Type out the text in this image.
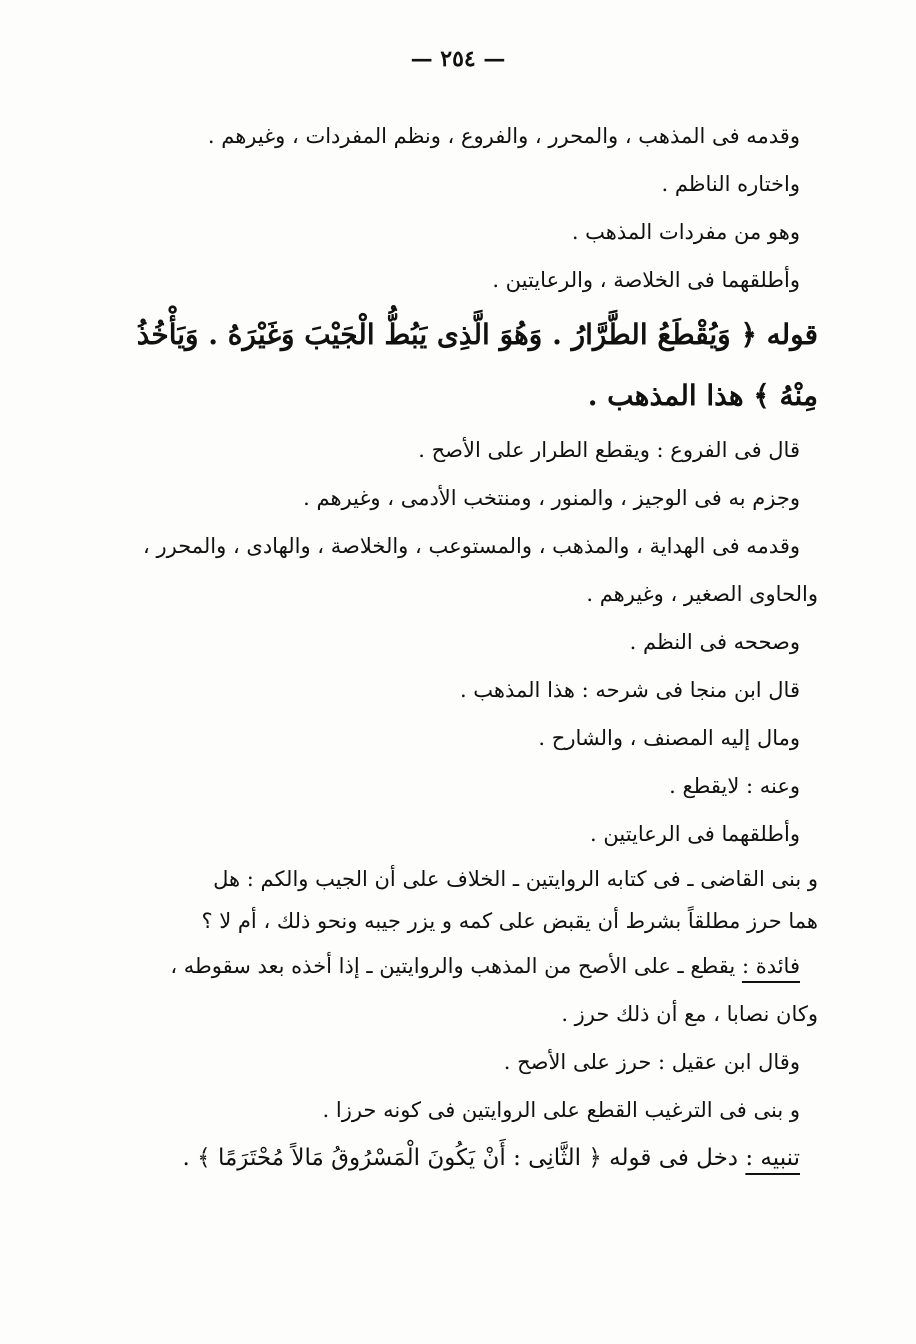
— ٢٥٤ —
وقدمه فى المذهب ، والمحرر ، والفروع ، ونظم المفردات ، وغيرهم .
واختاره الناظم .
وهو من مفردات المذهب .
وأطلقهما فى الخلاصة ، والرعايتين .
قوله ﴿ وَيُقْطَعُ الطَّرَّارُ . وَهُوَ الَّذِى يَبُطُّ الْجَيْبَ وَغَيْرَهُ . وَيَأْخُذُ
مِنْهُ ﴾ هذا المذهب .
قال فى الفروع : ويقطع الطرار على الأصح .
وجزم به فى الوجيز ، والمنور ، ومنتخب الأدمى ، وغيرهم .
وقدمه فى الهداية ، والمذهب ، والمستوعب ، والخلاصة ، والهادى ، والمحرر ،
والحاوى الصغير ، وغيرهم .
وصححه فى النظم .
قال ابن منجا فى شرحه : هذا المذهب .
ومال إليه المصنف ، والشارح .
وعنه : لايقطع .
وأطلقهما فى الرعايتين .
و بنى القاضى ـ فى كتابه الروايتين ـ الخلاف على أن الجيب والكم : هل
هما حرز مطلقاً بشرط أن يقبض على كمه و يزر جيبه ونحو ذلك ، أم لا ؟
فائدة : يقطع ـ على الأصح من المذهب والروايتين ـ إذا أخذه بعد سقوطه ،
وكان نصابا ، مع أن ذلك حرز .
وقال ابن عقيل : حرز على الأصح .
و بنى فى الترغيب القطع على الروايتين فى كونه حرزا .
تنبيه : دخل فى قوله ﴿ الثَّانِى : أَنْ يَكُونَ الْمَسْرُوقُ مَالاً مُحْتَرَمًا ﴾ .
